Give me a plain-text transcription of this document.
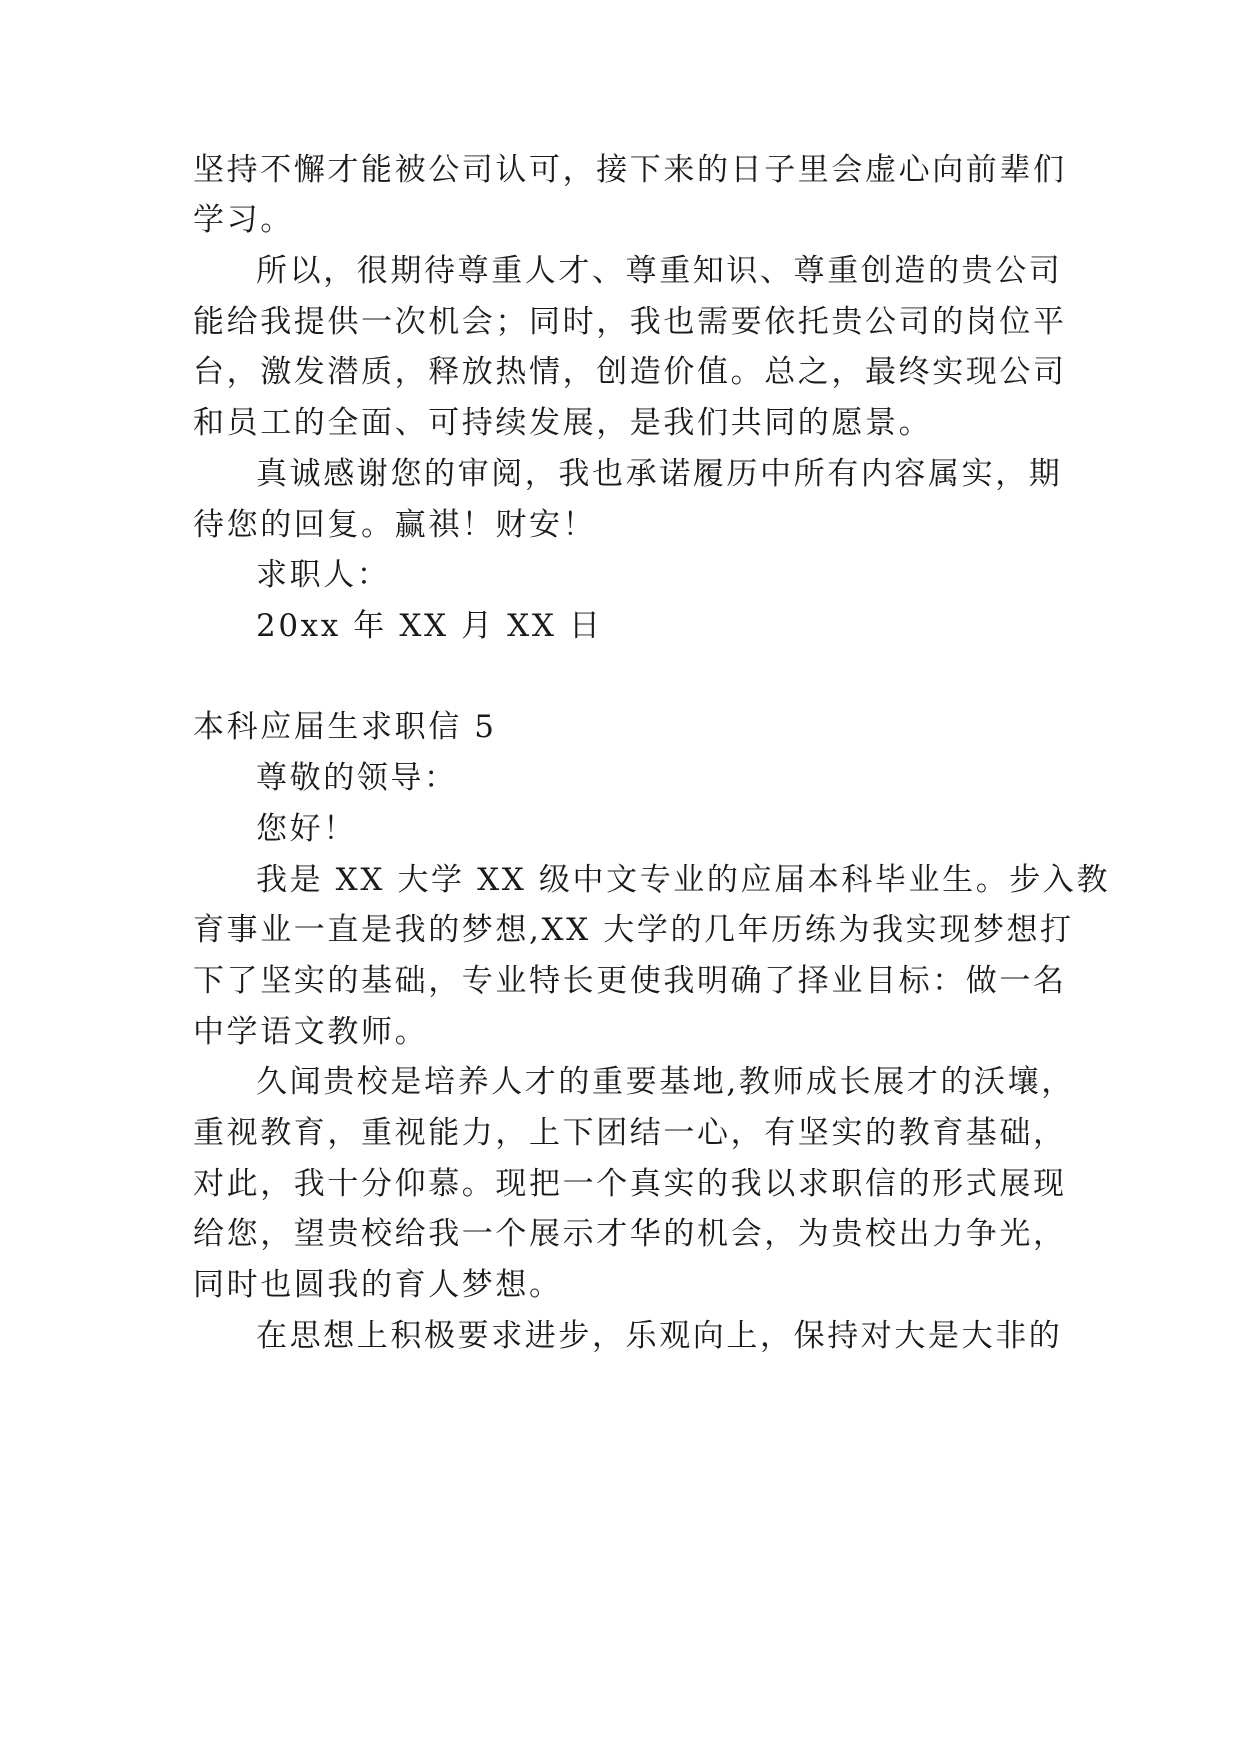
坚持不懈才能被公司认可，接下来的日子里会虚心向前辈们
学习。
所以，很期待尊重人才、尊重知识、尊重创造的贵公司
能给我提供一次机会；同时，我也需要依托贵公司的岗位平
台，激发潜质，释放热情，创造价值。总之，最终实现公司
和员工的全面、可持续发展，是我们共同的愿景。
真诚感谢您的审阅，我也承诺履历中所有内容属实，期
待您的回复。赢祺！财安！
求职人：
20xx 年 XX 月 XX 日
本科应届生求职信 5
尊敬的领导：
您好！
我是 XX 大学 XX 级中文专业的应届本科毕业生。步入教
育事业一直是我的梦想,XX 大学的几年历练为我实现梦想打
下了坚实的基础，专业特长更使我明确了择业目标：做一名
中学语文教师。
久闻贵校是培养人才的重要基地,教师成长展才的沃壤，
重视教育，重视能力，上下团结一心，有坚实的教育基础，
对此，我十分仰慕。现把一个真实的我以求职信的形式展现
给您，望贵校给我一个展示才华的机会，为贵校出力争光，
同时也圆我的育人梦想。
在思想上积极要求进步，乐观向上，保持对大是大非的
